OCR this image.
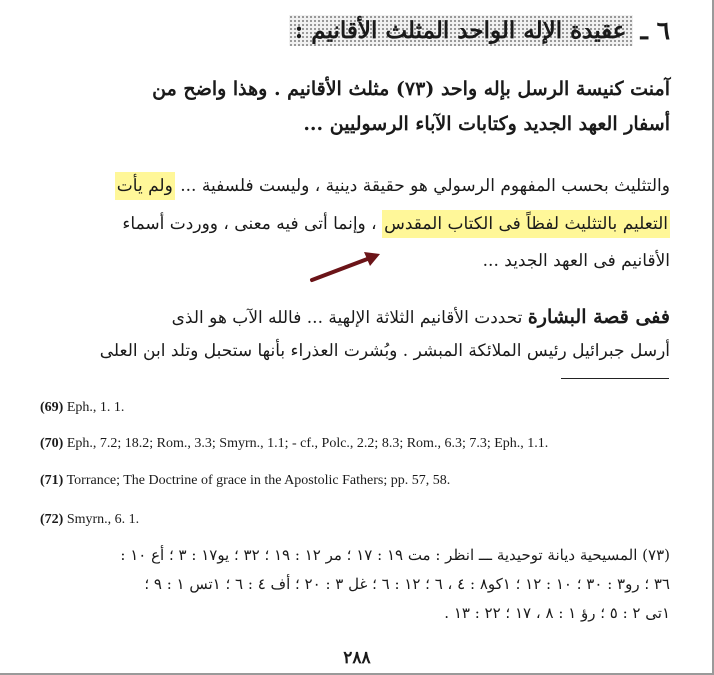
٦ ـ
عقيدة الإله الواحد المثلث الأقانيم :
آمنت كنيسة الرسل بإله واحد (٧٣) مثلث الأقانيم . وهذا واضح من
أسفار العهد الجديد وكتابات الآباء الرسوليين ...
والتثليث بحسب المفهوم الرسولي هو حقيقة دينية ، وليست فلسفية ... ولم يأت
التعليم بالتثليث لفظاً فى الكتاب المقدس ، وإنما أتى فيه معنى ، ووردت أسماء
الأقانيم فى العهد الجديد ...
ففى قصة البشارة تحددت الأقانيم الثلاثة الإلهية ... فالله الآب هو الذى
أرسل جبرائيل رئيس الملائكة المبشر . وبُشرت العذراء بأنها ستحبل وتلد ابن العلى
(69) Eph., 1. 1.
(70) Eph., 7.2; 18.2; Rom., 3.3; Smyrn., 1.1; - cf., Polc., 2.2; 8.3; Rom., 6.3; 7.3; Eph., 1.1.
(71) Torrance; The Doctrine of grace in the Apostolic Fathers; pp. 57, 58.
(72) Smyrn., 6. 1.
(٧٣) المسيحية ديانة توحيدية ـــ انظر : مت ١٩ : ١٧ ؛ مر ١٢ : ١٩ ؛ ٣٢ ؛ يو١٧ : ٣ ؛ أع ١٠ :
٣٦ ؛ رو٣ : ٣٠ ؛ ١٠ : ١٢ ؛ ١كو٨ : ٤ ، ٦ ؛ ١٢ : ٦ ؛ غل ٣ : ٢٠ ؛ أف ٤ : ٦ ؛ ١تس ١ : ٩ ؛
١تى ٢ : ٥ ؛ رؤ ١ : ٨ ، ١٧ ؛ ٢٢ : ١٣ .
٢٨٨
